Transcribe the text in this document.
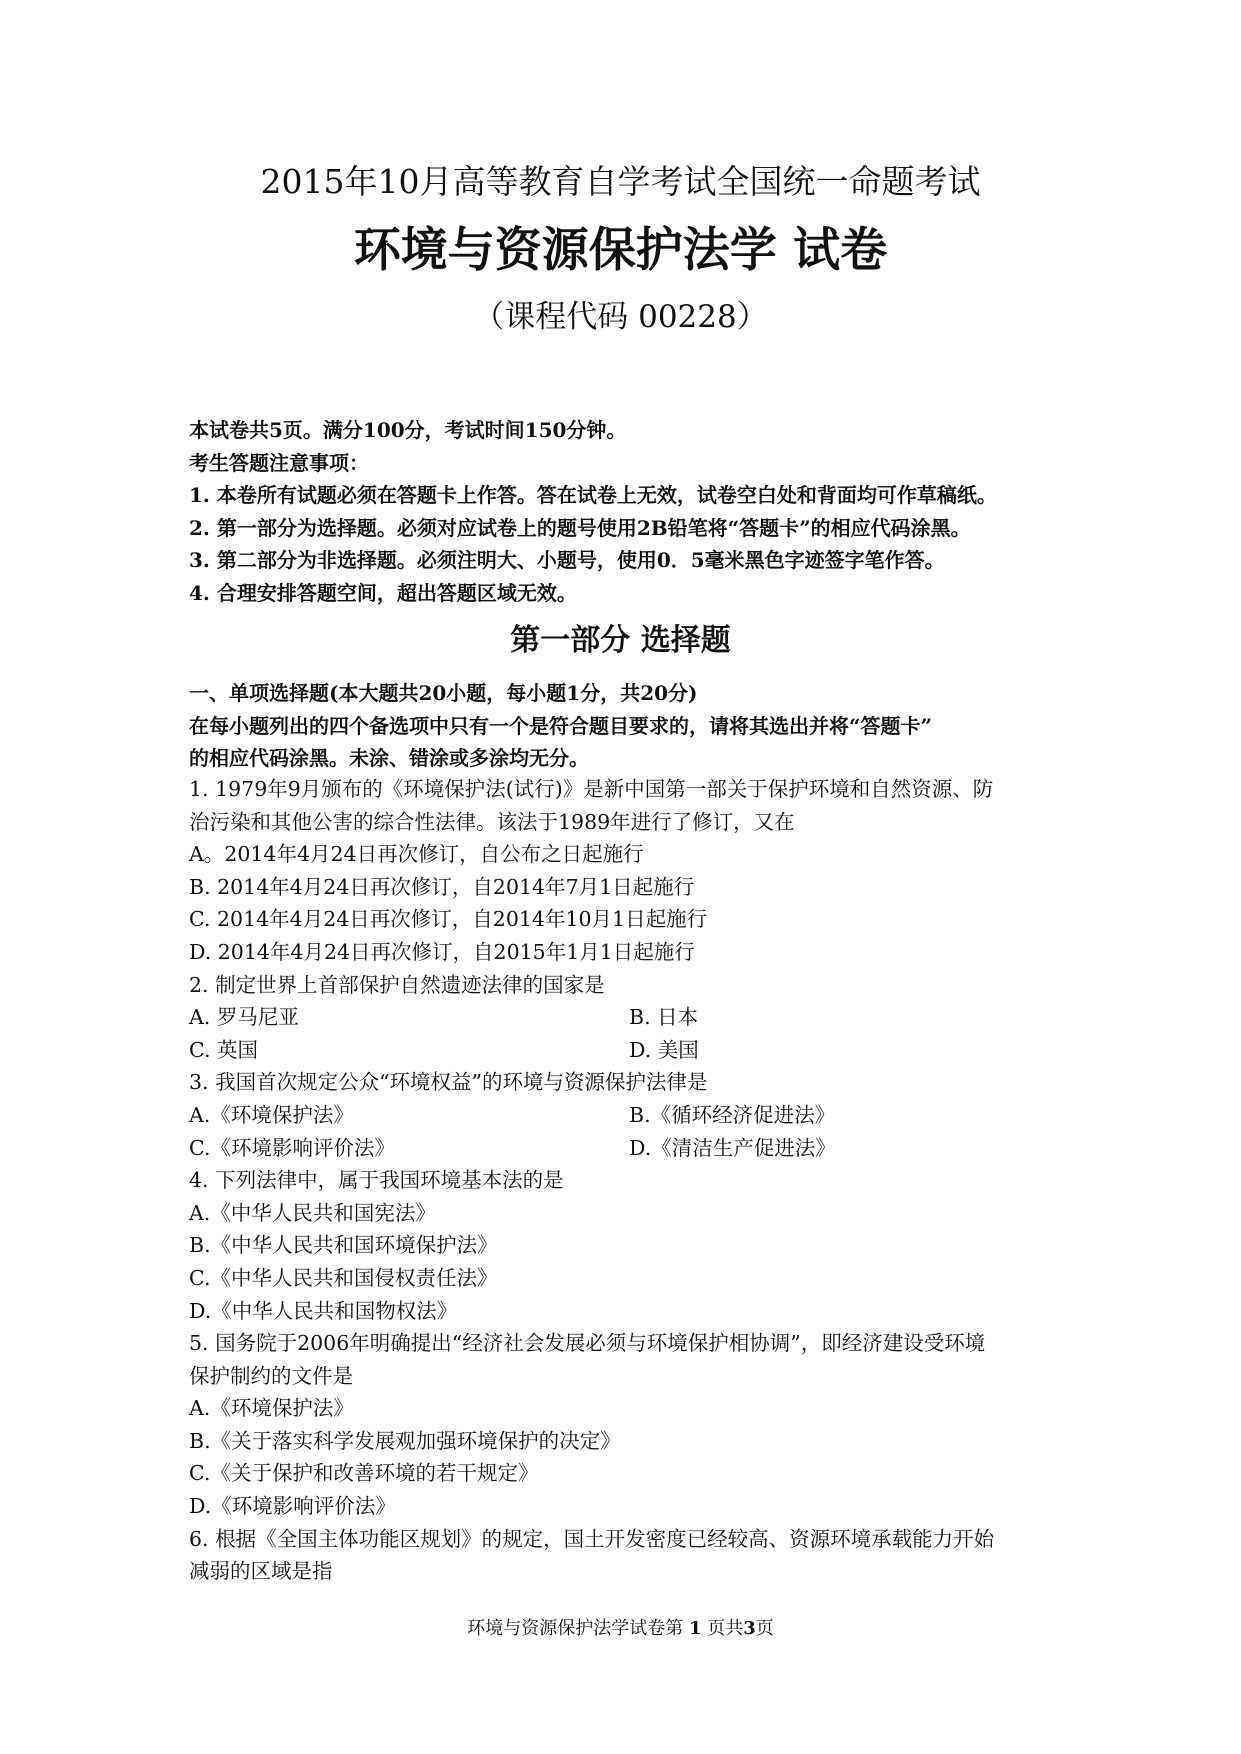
2015年10月高等教育自学考试全国统一命题考试
环境与资源保护法学 试卷
（课程代码 00228）
本试卷共5页。满分100分，考试时间150分钟。
考生答题注意事项：
1. 本卷所有试题必须在答题卡上作答。答在试卷上无效，试卷空白处和背面均可作草稿纸。
2. 第一部分为选择题。必须对应试卷上的题号使用2B铅笔将“答题卡”的相应代码涂黑。
3. 第二部分为非选择题。必须注明大、小题号，使用0．5毫米黑色字迹签字笔作答。
4. 合理安排答题空间，超出答题区域无效。
第一部分 选择题
一、单项选择题(本大题共20小题，每小题1分，共20分)
在每小题列出的四个备选项中只有一个是符合题目要求的，请将其选出并将“答题卡”
的相应代码涂黑。未涂、错涂或多涂均无分。
1. 1979年9月颁布的《环境保护法(试行)》是新中国第一部关于保护环境和自然资源、防
治污染和其他公害的综合性法律。该法于1989年进行了修订，又在
A。2014年4月24日再次修订，自公布之日起施行
B. 2014年4月24日再次修订，自2014年7月1日起施行
C. 2014年4月24日再次修订，自2014年10月1日起施行
D. 2014年4月24日再次修订，自2015年1月1日起施行
2. 制定世界上首部保护自然遗迹法律的国家是
A. 罗马尼亚	B. 日本
C. 英国	D. 美国
3. 我国首次规定公众“环境权益”的环境与资源保护法律是
A.《环境保护法》	B.《循环经济促进法》
C.《环境影响评价法》	D.《清洁生产促进法》
4. 下列法律中，属于我国环境基本法的是
A.《中华人民共和国宪法》
B.《中华人民共和国环境保护法》
C.《中华人民共和国侵权责任法》
D.《中华人民共和国物权法》
5. 国务院于2006年明确提出“经济社会发展必须与环境保护相协调”，即经济建设受环境
保护制约的文件是
A.《环境保护法》
B.《关于落实科学发展观加强环境保护的决定》
C.《关于保护和改善环境的若干规定》
D.《环境影响评价法》
6. 根据《全国主体功能区规划》的规定，国土开发密度已经较高、资源环境承载能力开始
减弱的区域是指
环境与资源保护法学试卷第 1 页共3页
